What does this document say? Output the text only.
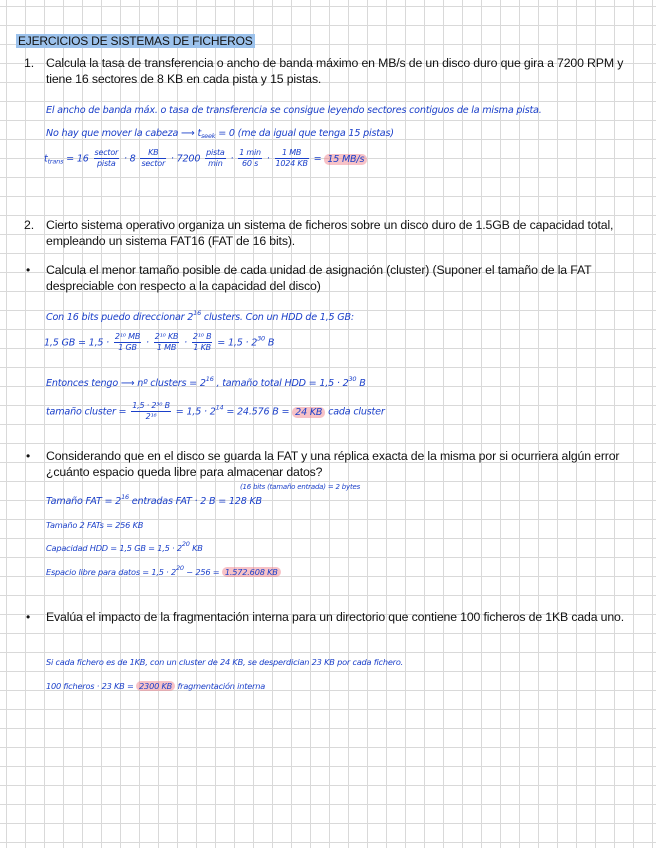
EJERCICIOS DE SISTEMAS DE FICHEROS
1. Calcula la tasa de transferencia o ancho de banda máximo en MB/s de un disco duro que gira a 7200 RPM y tiene 16 sectores de 8 KB en cada pista y 15 pistas.
El ancho de banda máx. o tasa de transferencia se consigue leyendo sectores contiguos de la misma pista.
No hay que mover la cabeza ⟶ $t_{seek} = 0$ (me da igual que tenga 15 pistas)
$t_{trans} = 16 \frac{\text{sector}}{\text{pista}} \cdot 8 \frac{KB}{\text{sector}} \cdot 7200 \frac{\text{pista}}{\min} \cdot \frac{1 \min}{60 s} \cdot \frac{1 MB}{1024 KB} = 15$ MB/s
2. Cierto sistema operativo organiza un sistema de ficheros sobre un disco duro de 1.5GB de capacidad total, empleando un sistema FAT16 (FAT de 16 bits).
• Calcula el menor tamaño posible de cada unidad de asignación (cluster) (Suponer el tamaño de la FAT despreciable con respecto a la capacidad del disco)
Con 16 bits puedo direccionar $2^{16}$ clusters. Con un HDD de 1,5 GB:
1,5 GB = $1,5 \cdot \frac{\text{2¹⁰ MB}}{1 GB} \cdot \frac{\text{2¹⁰ KB}}{1 MB} \cdot \frac{\text{2¹⁰ B}}{1 KB} = 1,5 \cdot 2^{30}$ B
Entonces tengo ⟶ nº clusters = $2^{16}$ , tamaño total HDD = $1,5 \cdot 2^{30}$ B
tamaño cluster = $\frac{\text{1,5 · 2³⁰ B}}{\text{2¹⁶}} = 1,5 \cdot 2^{14} = 24.576$ B = 24 KB cada cluster
• Considerando que en el disco se guarda la FAT y una réplica exacta de la misma por si ocurriera algún error ¿cuánto espacio queda libre para almacenar datos?
(16 bits (tamaño entrada) = 2 bytes
Tamaño FAT = $2^{16}$ entradas FAT · 2 B = 128 KB
Tamaño 2 FATs = 256 KB
Capacidad HDD = 1,5 GB = $1,5 \cdot 2^{20}$ KB
Espacio libre para datos = $1,5 \cdot 2^{20} - 256 = 1.572.608$ KB
• Evalúa el impacto de la fragmentación interna para un directorio que contiene 100 ficheros de 1KB cada uno.
Si cada fichero es de 1KB, con un cluster de 24 KB, se desperdician 23 KB por cada fichero.
100 ficheros · 23 KB = 2300 KB fragmentación interna
